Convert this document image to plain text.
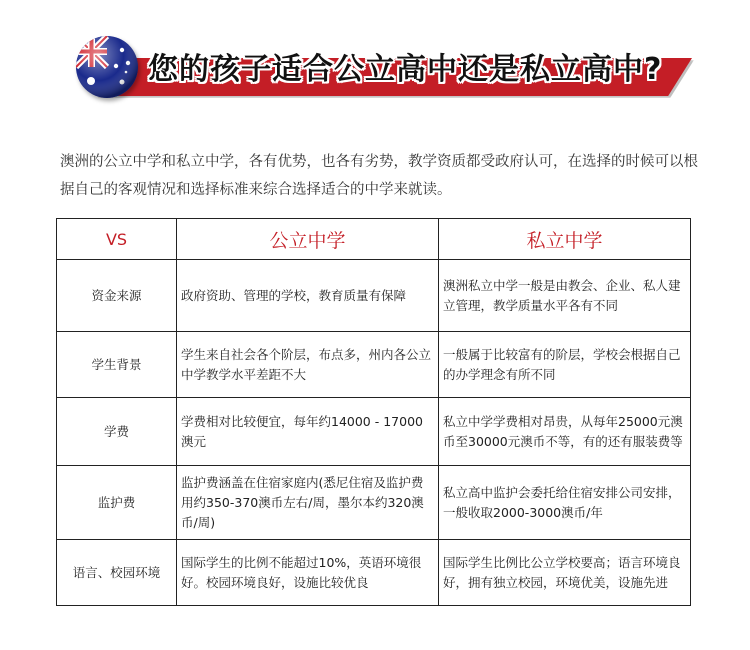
您的孩子适合公立高中还是私立高中?
澳洲的公立中学和私立中学，各有优势，也各有劣势，教学资质都受政府认可，在选择的时候可以根据自己的客观情况和选择标准来综合选择适合的中学来就读。
VS	公立中学	私立中学
资金来源	政府资助、管理的学校，教育质量有保障	澳洲私立中学一般是由教会、企业、私人建立管理，教学质量水平各有不同
学生背景	学生来自社会各个阶层，布点多，州内各公立中学教学水平差距不大	一般属于比较富有的阶层，学校会根据自己的办学理念有所不同
学费	学费相对比较便宜，每年约14000 - 17000澳元	私立中学学费相对昂贵，从每年25000元澳币至30000元澳币不等，有的还有服装费等
监护费	监护费涵盖在住宿家庭内(悉尼住宿及监护费用约350-370澳币左右/周，墨尔本约320澳币/周)	私立高中监护会委托给住宿安排公司安排，一般收取2000-3000澳币/年
语言、校园环境	国际学生的比例不能超过10%，英语环境很好。校园环境良好，设施比较优良	国际学生比例比公立学校要高；语言环境良好，拥有独立校园，环境优美，设施先进
